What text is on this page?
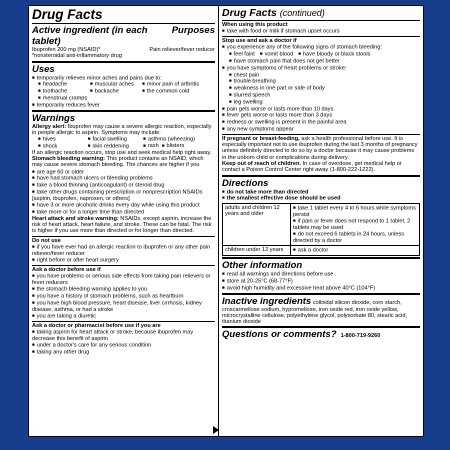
Drug Facts
Active ingredient (in each tablet)
Purposes
Ibuprofen 200 mg (NSAID)*	Pain reliever/fever reducer
*nonsteroidal anti-inflammatory drug
Uses
■ temporarily relieves minor aches and pains due to:
■ headache	■ muscular aches	■ minor pain of arthritis
■ toothache	■ backache	■ the common cold
■ menstrual cramps
■ temporarily reduces fever
Warnings
Allergy alert: Ibuprofen may cause a severe allergic reaction, especially in people allergic to aspirin. Symptoms may include:
■ hives	■ facial swelling	■ asthma (wheezing)
■ shock	■ skin reddening	■ rash ■ blisters
If an allergic reaction occurs, stop use and seek medical help right away.
Stomach bleeding warning: This product contains an NSAID, which may cause severe stomach bleeding. The chances are higher if you
■ are age 60 or older
■ have had stomach ulcers or bleeding problems
■ take a blood thinning (anticoagulant) or steroid drug
■ take other drugs containing prescription or nonprescription NSAIDs [aspirin, ibuprofen, naproxen, or others]
■ have 3 or more alcoholic drinks every day while using this product
■ take more or for a longer time than directed
Heart attack and stroke warning: NSAIDs, except aspirin, increase the risk of heart attack, heart failure, and stroke. These can be fatal. The risk is higher if you use more than directed or for longer than directed.
Do not use
■ if you have ever had an allergic reaction to ibuprofen or any other pain reliever/fever reducer
■ right before or after heart surgery
Ask a doctor before use if
■ you have problems or serious side effects from taking pain relievers or fever reducers
■ the stomach bleeding warning applies to you
■ you have a history of stomach problems, such as heartburn
■ you have high blood pressure, heart disease, liver cirrhosis, kidney disease, asthma, or had a stroke
■ you are taking a diuretic
Ask a doctor or pharmacist before use if you are
■ taking aspirin for heart attack or stroke, because ibuprofen may decrease this benefit of aspirin
■ under a doctor's care for any serious condition
■ taking any other drug
Drug Facts (continued)
When using this product
■ take with food or milk if stomach upset occurs
Stop use and ask a doctor if
■ you experience any of the following signs of stomach bleeding:
■ feel faint	■ vomit blood	■ have bloody or black stools
■ have stomach pain that does not get better
■ you have symptoms of heart problems or stroke:
■ chest pain
■ trouble breathing
■ weakness in one part or side of body
■ slurred speech
■ leg swelling
■ pain gets worse or lasts more than 10 days
■ fever gets worse or lasts more than 3 days
■ redness or swelling is present in the painful area
■ any new symptoms appear
If pregnant or breast-feeding, ask a health professional before use. It is especially important not to use ibuprofen during the last 3 months of pregnancy unless definitely directed to do so by a doctor because it may cause problems in the unborn child or complications during delivery.
Keep out of reach of children. In case of overdose, get medical help or contact a Poison Control Center right away (1-800-222-1222).
Directions
■ do not take more than directed
■ the smallest effective dose should be used
adults and children 12 years and older
■ take 1 tablet every 4 to 6 hours while symptoms persist
■ if pain or fever does not respond to 1 tablet, 2 tablets may be used
■ do not exceed 6 tablets in 24 hours, unless directed by a doctor
children under 12 years	■ ask a doctor
Other information
■ read all warnings and directions before use
■ store at 20-25°C (68-77°F)
■ avoid high humidity and excessive heat above 40°C (104°F)
Inactive ingredients colloidal silicon dioxide, corn starch, croscarmellose sodium, hypromellose, iron oxide red, iron oxide yellow, microcrystalline cellulose, polyethylene glycol, polysorbate 80, stearic acid, titanium dioxide
Questions or comments? 1-800-719-9260
